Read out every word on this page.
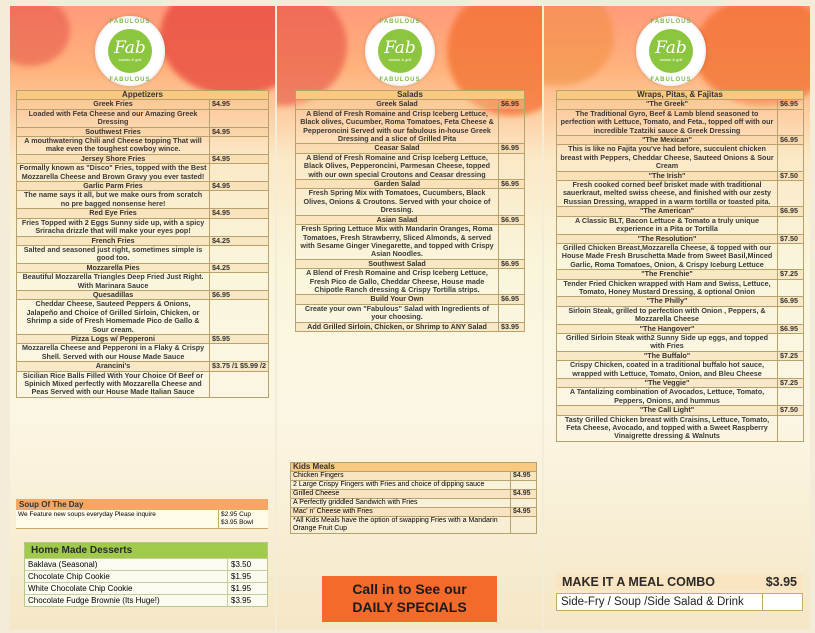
FABULOUS
Fab
salads & grill
FABULOUS
Appetizers	
Greek Fries	$4.95
Loaded with Feta Cheese and our Amazing Greek Dressing	
Southwest Fries	$4.95
A mouthwatering Chili and Cheese topping That will make even the toughest cowboy wince.	
Jersey Shore Fries	$4.95
Formally known as "Disco" Fries, topped with the Best Mozzarella Cheese and Brown Gravy you ever tasted!	
Garlic Parm Fries	$4.95
The name says it all, but we make ours from scratch no pre bagged nonsense here!	
Red Eye Fries	$4.95
Fries Topped with 2 Eggs Sunny side up, with a spicy Sriracha drizzle that will make your eyes pop!	
French Fries	$4.25
Salted and seasoned just right, sometimes simple is good too.	
Mozzarella Pies	$4.25
Beautiful Mozzarella Triangles Deep Fried Just Right. With Marinara Sauce	
Quesadillas	$6.95
Cheddar Cheese, Sauteed Peppers & Onions, Jalapeño and Choice of Grilled Sirloin, Chicken, or Shrimp a side of Fresh Homemade Pico de Gallo & Sour cream.	
Pizza Logs w/ Pepperoni	$5.95
Mozzarella Cheese and Pepperoni in a Flaky & Crispy Shell. Served with our House Made Sauce	
Arancini's	$3.75 /1 $5.99 /2
Sicilian Rice Balls Filled With Your Choice Of Beef or Spinich Mixed perfectly with Mozzarella Cheese and Peas Served with our House Made Italian Sauce	
Soup Of The Day
We Feature new soups everyday Please inquire	$2.95 Cup $3.95 Bowl
Home Made Desserts
Baklava (Seasonal)	$3.50
Chocolate Chip Cookie	$1.95
White Chocolate Chip Cookie	$1.95
Chocolate Fudge Brownie (Its Huge!)	$3.95
FABULOUS
Fab
salads & grill
FABULOUS
Salads	
Greek Salad	$6.95
A Blend of Fresh Romaine and Crisp Iceberg Lettuce, Black olives, Cucumber, Roma Tomatoes, Feta Cheese & Pepperoncini Served with our fabulous in-house Greek Dressing and a slice of Grilled Pita	
Ceasar Salad	$6.95
A Blend of Fresh Romaine and Crisp Iceberg Lettuce, Black Olives, Pepperoncini, Parmesan Cheese, topped with our own special Croutons and Ceasar dressing	
Garden Salad	$6.95
Fresh Spring Mix with Tomatoes, Cucumbers, Black Olives, Onions & Croutons. Served with your choice of Dressing.	
Asian Salad	$6.95
Fresh Spring Lettuce Mix with Mandarin Oranges, Roma Tomatoes, Fresh Strawberry, Sliced Almonds, & served with Sesame Ginger Vinegarette, and topped with Crispy Asian Noodles.	
Southwest Salad	$6.95
A Blend of Fresh Romaine and Crisp Iceberg Lettuce, Fresh Pico de Gallo, Cheddar Cheese, House made Chipotle Ranch dressing & Crispy Tortilla strips.	
Build Your Own	$6.95
Create your own "Fabulous" Salad with Ingredients of your choosing.	
Add Grilled Sirloin, Chicken, or Shrimp to ANY Salad	$3.95
Kids Meals	
Chicken Fingers	$4.95
2 Large Crispy Fingers with Fries and choice of dipping sauce	
Grilled Cheese	$4.95
A Perfectly griddled Sandwich with Fries	
Mac' n' Cheese with Fries	$4.95
*All Kids Meals have the option of swapping Fries with a Mandarin Orange Fruit Cup	
Call in to See our
DAILY SPECIALS
FABULOUS
Fab
salads & grill
FABULOUS
Wraps, Pitas, & Fajitas	
"The Greek"	$6.95
The Traditional Gyro, Beef & Lamb blend seasoned to perfection with Lettuce, Tomato, and Feta., topped off with our incredible Tzatziki sauce & Greek Dressing	
"The Mexican"	$6.95
This is like no Fajita you've had before, succulent chicken breast with Peppers, Cheddar Cheese, Sauteed Onions & Sour Cream	
"The Irish"	$7.50
Fresh cooked corned beef brisket made with traditional sauerkraut, melted swiss cheese, and finished with our zesty Russian Dressing, wrapped in a warm tortilla or toasted pita.	
"The American"	$6.95
A Classic BLT, Bacon Lettuce & Tomato a truly unique experience in a Pita or Tortilla	
"The Resolution"	$7.50
Grilled Chicken Breast,Mozzarella Cheese, & topped with our House Made Fresh Bruschetta Made from Sweet Basil,Minced Garlic, Roma Tomatoes, Onion, & Crispy Iceburg Lettuce	
"The Frenchie"	$7.25
Tender Fried Chicken wrapped with Ham and Swiss, Lettuce, Tomato, Honey Mustard Dressing, & optional Onion	
"The Philly"	$6.95
Sirloin Steak, grilled to perfection with Onion , Peppers, & Mozzarella Cheese	
"The Hangover"	$6.95
Grilled Sirloin Steak with2 Sunny Side up eggs, and topped with Fries	
"The Buffalo"	$7.25
Crispy Chicken, coated in a traditional buffalo hot sauce, wrapped with Lettuce, Tomato, Onion, and Bleu Cheese	
"The Veggie"	$7.25
A Tantalizing combination of Avocados, Lettuce, Tomato, Peppers, Onions, and hummus	
"The Call Light"	$7.50
Tasty Grilled Chicken breast with Craisins, Lettuce, Tomato, Feta Cheese, Avocado, and topped with a Sweet Raspberry Vinaigrette dressing & Walnuts	
MAKE IT A MEAL COMBO	$3.95
Side-Fry / Soup /Side Salad & Drink
